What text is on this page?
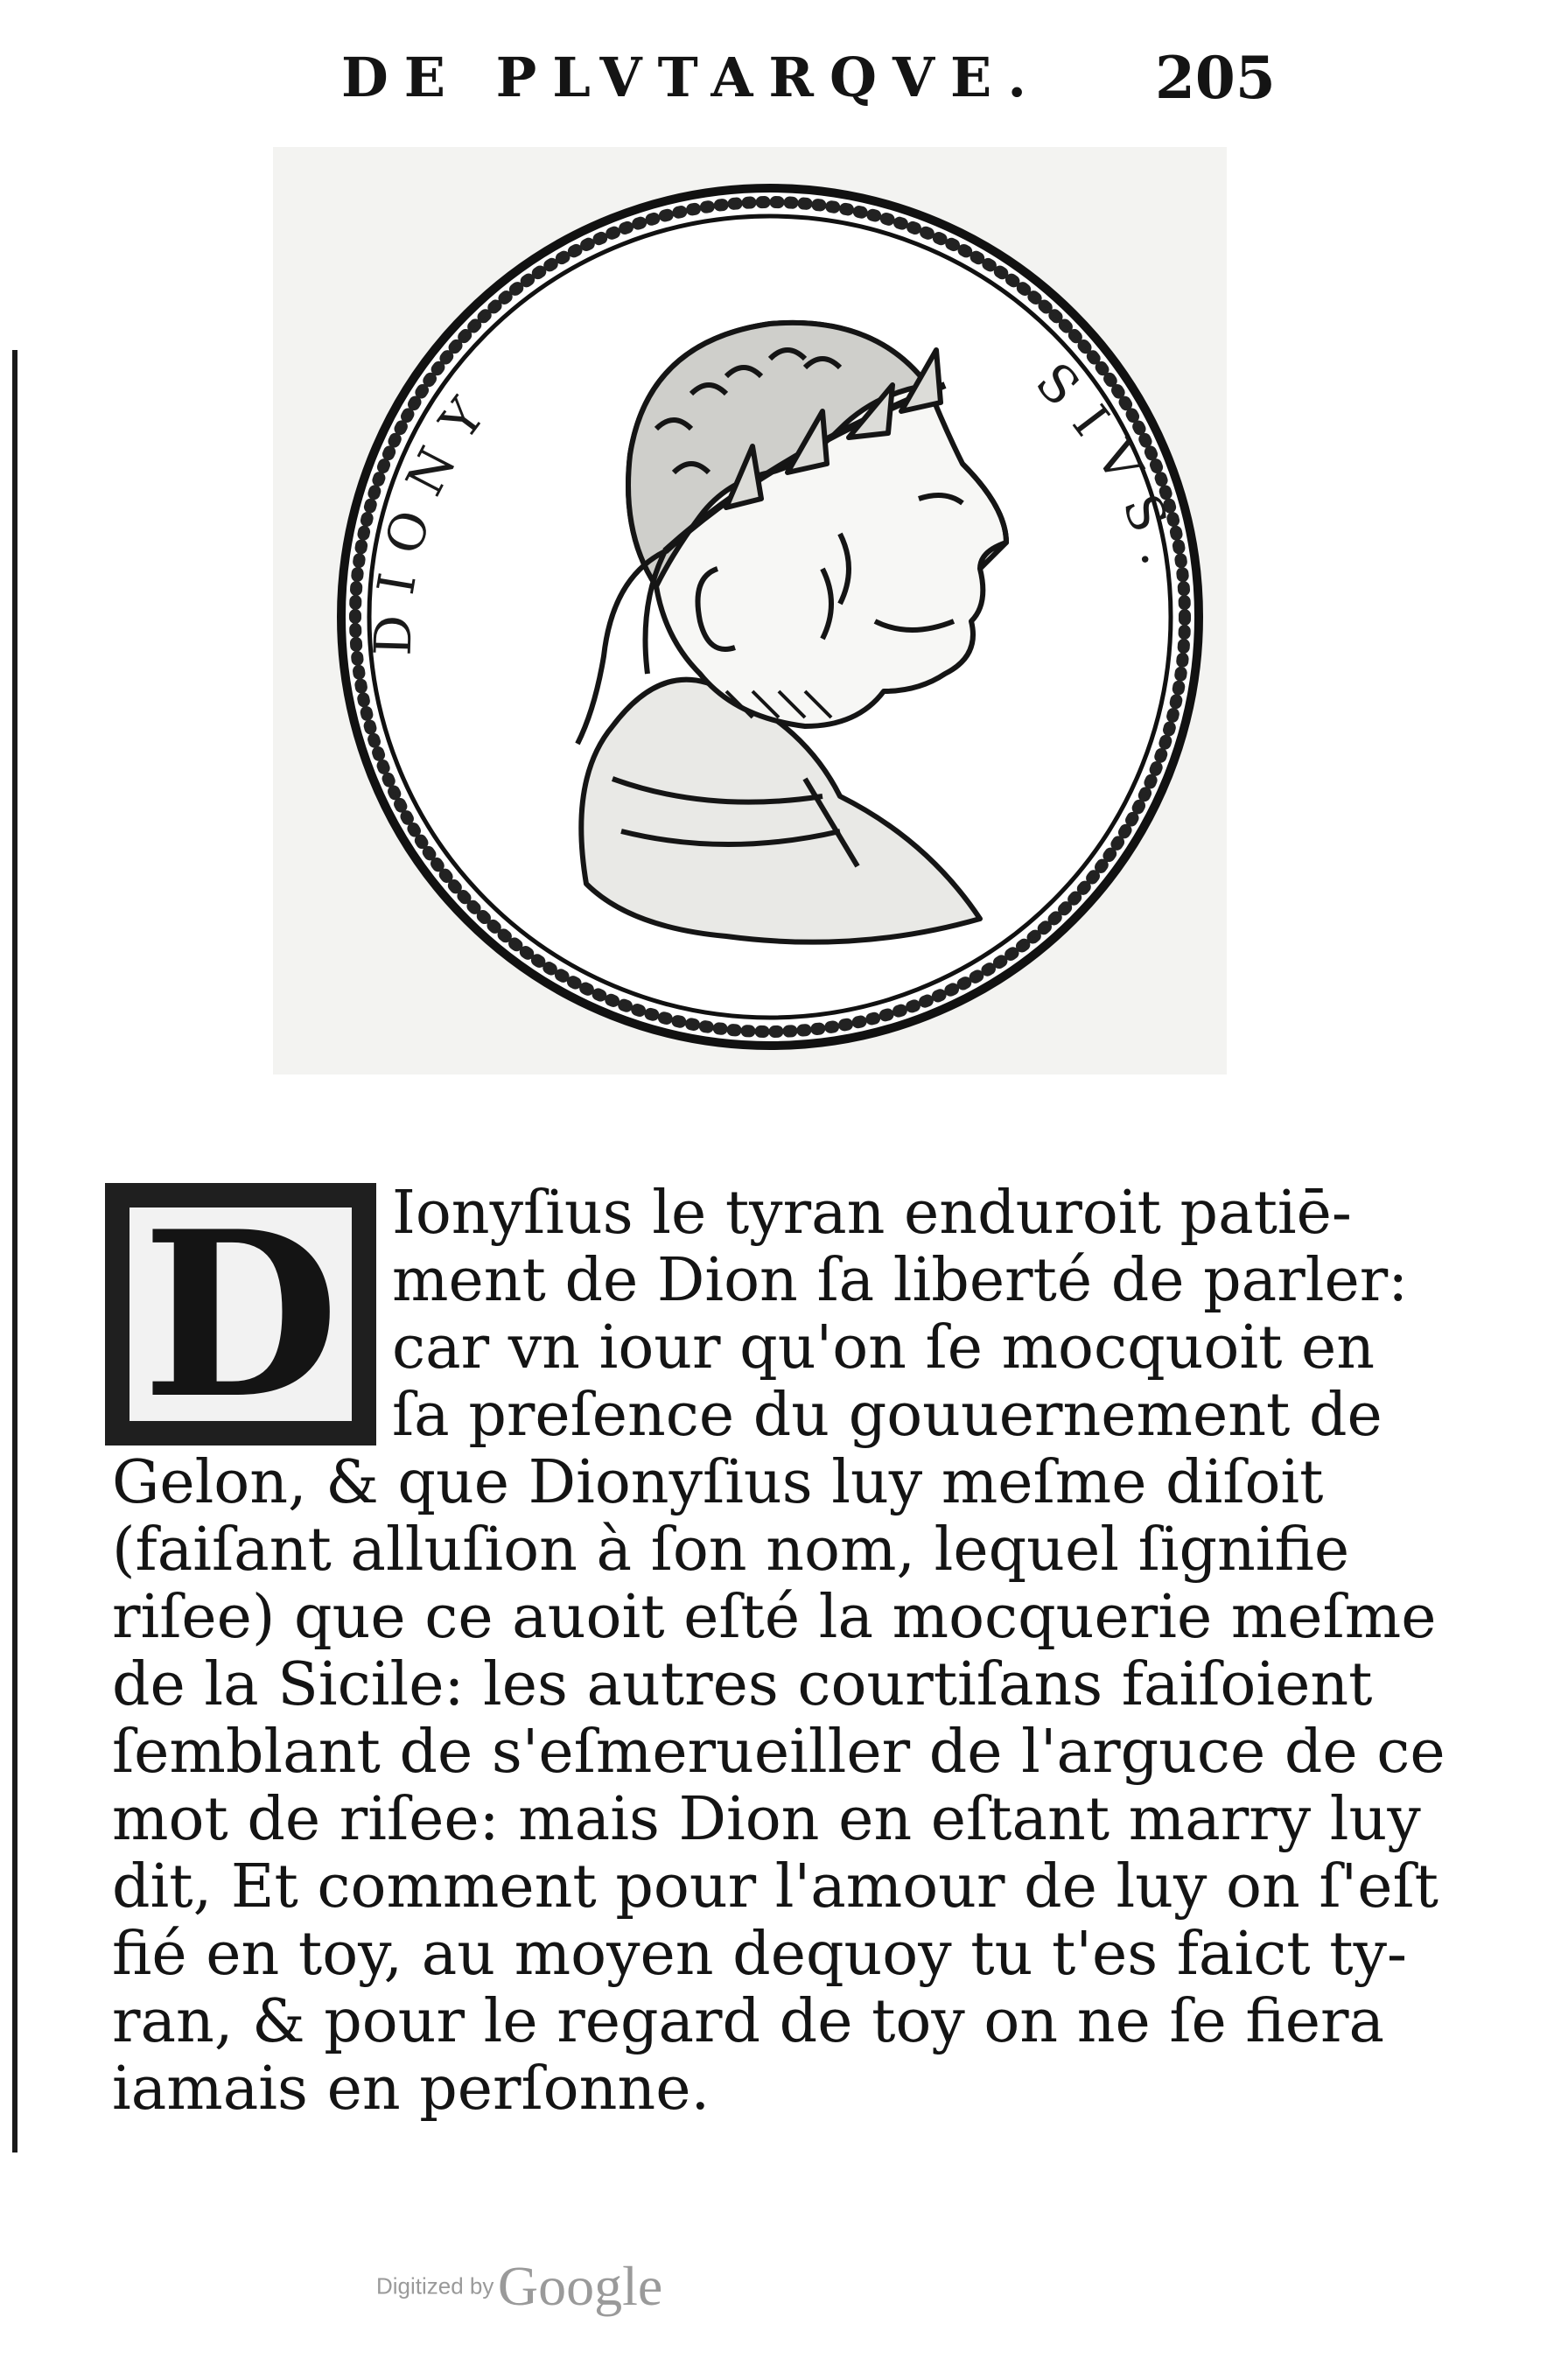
DE PLVTARQVE. 205
DIONY	SIVS.
D Ionyſius le tyran enduroit patiē-
ment de Dion ſa liberté de parler:
car vn iour qu'on ſe mocquoit en
ſa preſence du gouuernement de
Gelon, & que Dionyſius luy meſme diſoit
(faiſant alluſion à ſon nom, lequel ſignifie
riſee) que ce auoit eſté la mocquerie meſme
de la Sicile: les autres courtiſans faiſoient
ſemblant de s'eſmerueiller de l'arguce de ce
mot de riſee: mais Dion en eſtant marry luy
dit, Et comment pour l'amour de luy on ſ'eſt
fié en toy, au moyen dequoy tu t'es faict ty-
ran, & pour le regard de toy on ne ſe fiera
iamais en perſonne.
Digitized by Google
